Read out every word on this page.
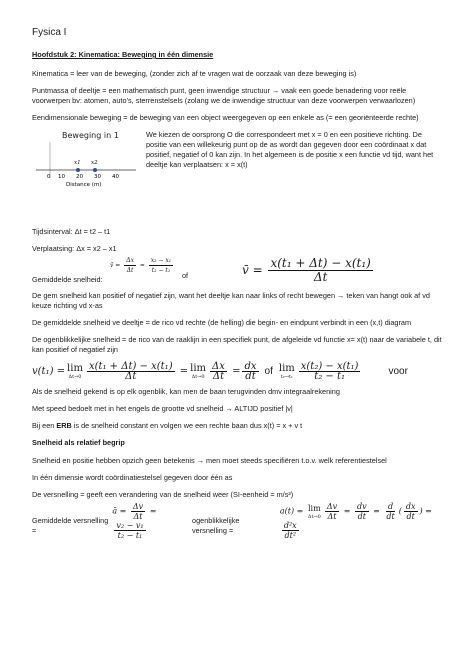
Fysica I
Hoofdstuk 2: Kinematica: Beweging in één dimensie

Kinematica = leer van de beweging, (zonder zich af te vragen wat de oorzaak van deze beweging is)

Puntmassa of deeltje = een mathematisch punt, geen inwendige structuur → vaak een goede benadering voor reële voorwerpen bv: atomen, auto’s, sterrenstelsels (zolang we de inwendige structuur van deze voorwerpen verwaarlozen)

Eendimensionale beweging = de beweging van een object weergegeven op een enkele as (= een georiënteerde rechte)

Beweging in 1
x1 x2
0 10 20 30 40
Distance (m)
We kiezen de oorsprong O die correspondeert met x = 0 en een positieve richting. De positie van een willekeurig punt op de as wordt dan gegeven door een coördinaat x dat positief, negatief of 0 kan zijn. In het algemeen is de positie x een functie vd tijd, want het deeltje kan verplaatsen: x = x(t)

Tijdsinterval: Δt = t2 – t1

Verplaatsing: Δx = x2 – x1

v̄ = $\frac{\Delta x}{\Delta t} = \frac{\text{x₂ − x₁}}{\text{t₂ − t₁}}$
Gemiddelde snelheid:	of	v̄ = $\frac{\text{x(t₁ + Δt) − x(t₁)}}{\Delta t}$

De gem snelheid kan positief of negatief zijn, want het deeltje kan naar links of recht bewegen → teken van hangt ook af vd keuze richting vd x-as

De gemiddelde snelheid ve deeltje = de rico vd rechte (de helling) die begin- en eindpunt verbindt in een (x,t) diagram

De ogenblikkelijke snelheid = de rico van de raaklijn in een specifiek punt, de afgeleide vd functie x= x(t) naar de variabele t, dit kan positief of negatief zijn

v(t₁) = lim
$\Delta t\to 0 \frac{\text{x(t₁ + Δt) − x(t₁)}}{\Delta t} = \lim$
$\Delta t\to 0 \frac{\Delta x}{\Delta t} = \frac{dx}{dt}$ of lim
$t_2\to t_1 \frac{\text{x(t₂) − x(t₁)}}{\text{t₂ − t₁}}$	voor

Als de snelheid gekend is op elk ogenblik, kan men de baan terugvinden dmv integraalrekening

Met speed bedoelt met in het engels de grootte vd snelheid → ALTIJD positief |v|

Bij een ERB is de snelheid constant en volgen we een rechte baan dus x(t) = x + v t

Snelheid als relatief begrip

Snelheid en positie hebben opzich geen betekenis → men moet steeds specifiëren t.o.v. welk referentiestelsel

In één dimensie wordt coördinatiestelsel gegeven door één as

De versnelling = geeft een verandering van de snelheid weer (SI-eenheid = m/s²)

Gemiddelde versnelling =
ā = $\frac{\Delta v}{\Delta t}$ =
$\frac{\text{v₂ − v₁}}{\text{t₂ − t₁}}$
ogenblikkelijke versnelling =
a(t) = lim
$\Delta t\to 0 \frac{\Delta v}{\Delta t} = \frac{dv}{dt} = \frac{d}{dt}$ ( $\frac{dx}{dt}$ ) =
$\frac{\text{d²x}}{\text{dt²}}$
